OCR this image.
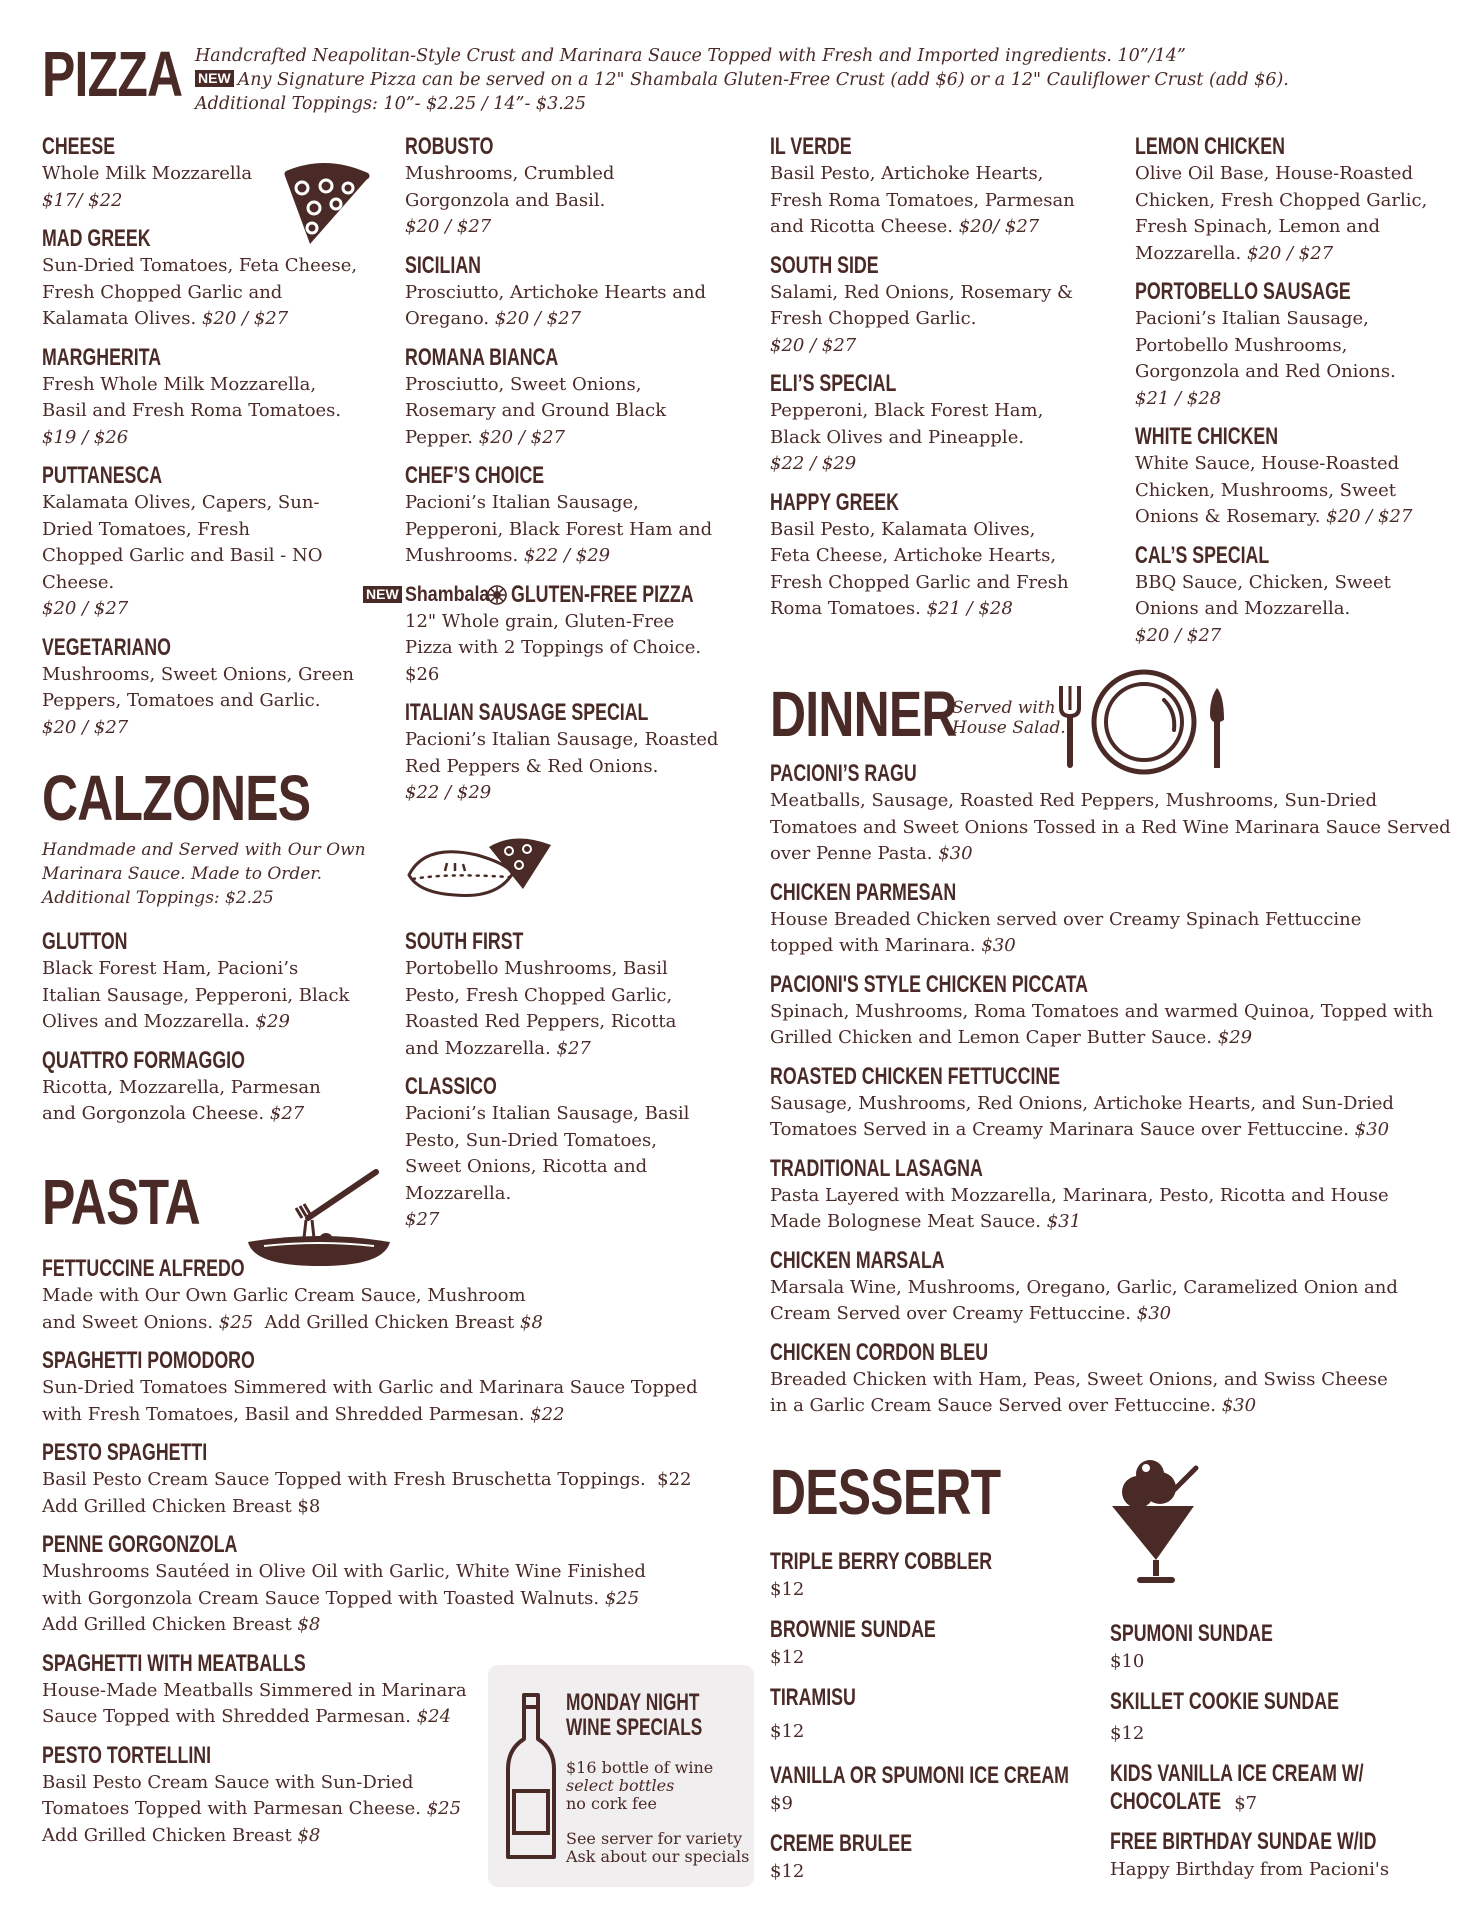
PIZZA Handcrafted Neapolitan-Style Crust and Marinara Sauce Topped with Fresh and Imported ingredients. 10”/14”
NEW Any Signature Pizza can be served on a 12" Shambala Gluten-Free Crust (add $6) or a 12" Cauliflower Crust (add $6).
Additional Toppings: 10”- $2.25 / 14”- $3.25
CHEESE
Whole Milk Mozzarella
$17/ $22
MAD GREEK
Sun-Dried Tomatoes, Feta Cheese, Fresh Chopped Garlic and Kalamata Olives. $20 / $27
MARGHERITA
Fresh Whole Milk Mozzarella, Basil and Fresh Roma Tomatoes.
$19 / $26
PUTTANESCA
Kalamata Olives, Capers, Sun-Dried Tomatoes, Fresh Chopped Garlic and Basil - NO Cheese.
$20 / $27
VEGETARIANO
Mushrooms, Sweet Onions, Green Peppers, Tomatoes and Garlic.
$20 / $27
ROBUSTO
Mushrooms, Crumbled Gorgonzola and Basil.
$20 / $27
SICILIAN
Prosciutto, Artichoke Hearts and Oregano. $20 / $27
ROMANA BIANCA
Prosciutto, Sweet Onions, Rosemary and Ground Black Pepper. $20 / $27
CHEF’S CHOICE
Pacioni’s Italian Sausage, Pepperoni, Black Forest Ham and Mushrooms. $22 / $29
NEW Shambala GLUTEN-FREE PIZZA
12" Whole grain, Gluten-Free Pizza with 2 Toppings of Choice.
$26
ITALIAN SAUSAGE SPECIAL
Pacioni’s Italian Sausage, Roasted Red Peppers & Red Onions.
$22 / $29
IL VERDE
Basil Pesto, Artichoke Hearts, Fresh Roma Tomatoes, Parmesan and Ricotta Cheese. $20/ $27
SOUTH SIDE
Salami, Red Onions, Rosemary & Fresh Chopped Garlic.
$20 / $27
ELI’S SPECIAL
Pepperoni, Black Forest Ham, Black Olives and Pineapple.
$22 / $29
HAPPY GREEK
Basil Pesto, Kalamata Olives, Feta Cheese, Artichoke Hearts, Fresh Chopped Garlic and Fresh Roma Tomatoes. $21 / $28
LEMON CHICKEN
Olive Oil Base, House-Roasted Chicken, Fresh Chopped Garlic, Fresh Spinach, Lemon and Mozzarella. $20 / $27
PORTOBELLO SAUSAGE
Pacioni’s Italian Sausage, Portobello Mushrooms, Gorgonzola and Red Onions.
$21 / $28
WHITE CHICKEN
White Sauce, House-Roasted Chicken, Mushrooms, Sweet Onions & Rosemary. $20 / $27
CAL’S SPECIAL
BBQ Sauce, Chicken, Sweet Onions and Mozzarella.
$20 / $27
CALZONES
Handmade and Served with Our Own
Marinara Sauce. Made to Order.
Additional Toppings: $2.25
GLUTTON
Black Forest Ham, Pacioni’s Italian Sausage, Pepperoni, Black Olives and Mozzarella. $29
QUATTRO FORMAGGIO
Ricotta, Mozzarella, Parmesan and Gorgonzola Cheese. $27
SOUTH FIRST
Portobello Mushrooms, Basil Pesto, Fresh Chopped Garlic, Roasted Red Peppers, Ricotta and Mozzarella. $27
CLASSICO
Pacioni’s Italian Sausage, Basil Pesto, Sun-Dried Tomatoes, Sweet Onions, Ricotta and Mozzarella.
$27
PASTA
FETTUCCINE ALFREDO
Made with Our Own Garlic Cream Sauce, Mushroom and Sweet Onions. $25 Add Grilled Chicken Breast $8
SPAGHETTI POMODORO
Sun-Dried Tomatoes Simmered with Garlic and Marinara Sauce Topped with Fresh Tomatoes, Basil and Shredded Parmesan. $22
PESTO SPAGHETTI
Basil Pesto Cream Sauce Topped with Fresh Bruschetta Toppings.  $22
Add Grilled Chicken Breast $8
PENNE GORGONZOLA
Mushrooms Sautéed in Olive Oil with Garlic, White Wine Finished with Gorgonzola Cream Sauce Topped with Toasted Walnuts. $25
Add Grilled Chicken Breast $8
SPAGHETTI WITH MEATBALLS
House-Made Meatballs Simmered in Marinara Sauce Topped with Shredded Parmesan. $24
PESTO TORTELLINI
Basil Pesto Cream Sauce with Sun-Dried Tomatoes Topped with Parmesan Cheese. $25
Add Grilled Chicken Breast $8
MONDAY NIGHT
WINE SPECIALS
$16 bottle of wine
select bottles
no cork fee
See server for variety
Ask about our specials
DINNER
Served with
House Salad.
PACIONI’S RAGU
Meatballs, Sausage, Roasted Red Peppers, Mushrooms, Sun-Dried Tomatoes and Sweet Onions Tossed in a Red Wine Marinara Sauce Served over Penne Pasta. $30
CHICKEN PARMESAN
House Breaded Chicken served over Creamy Spinach Fettuccine topped with Marinara. $30
PACIONI'S STYLE CHICKEN PICCATA
Spinach, Mushrooms, Roma Tomatoes and warmed Quinoa, Topped with Grilled Chicken and Lemon Caper Butter Sauce. $29
ROASTED CHICKEN FETTUCCINE
Sausage, Mushrooms, Red Onions, Artichoke Hearts, and Sun-Dried Tomatoes Served in a Creamy Marinara Sauce over Fettuccine. $30
TRADITIONAL LASAGNA
Pasta Layered with Mozzarella, Marinara, Pesto, Ricotta and House Made Bolognese Meat Sauce. $31
CHICKEN MARSALA
Marsala Wine, Mushrooms, Oregano, Garlic, Caramelized Onion and Cream Served over Creamy Fettuccine. $30
CHICKEN CORDON BLEU
Breaded Chicken with Ham, Peas, Sweet Onions, and Swiss Cheese in a Garlic Cream Sauce Served over Fettuccine. $30
DESSERT
TRIPLE BERRY COBBLER
$12
BROWNIE SUNDAE
$12
TIRAMISU
$12
VANILLA OR SPUMONI ICE CREAM
$9
CREME BRULEE
$12
SPUMONI SUNDAE
$10
SKILLET COOKIE SUNDAE
$12
KIDS VANILLA ICE CREAM W/
CHOCOLATE $7
FREE BIRTHDAY SUNDAE W/ID
Happy Birthday from Pacioni's
